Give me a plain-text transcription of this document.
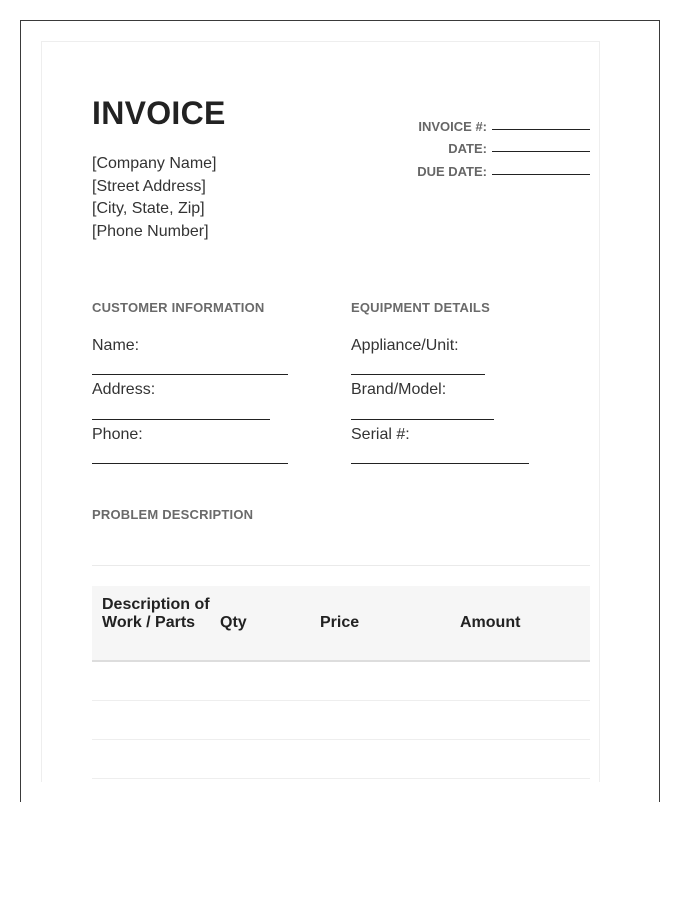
INVOICE
[Company Name]
[Street Address]
[City, State, Zip]
[Phone Number]
INVOICE #:
DATE:
DUE DATE:
CUSTOMER INFORMATION
Name:
Address:
Phone:
EQUIPMENT DETAILS
Appliance/Unit:
Brand/Model:
Serial #:
PROBLEM DESCRIPTION
Description of Work / Parts	Qty	Price	Amount
